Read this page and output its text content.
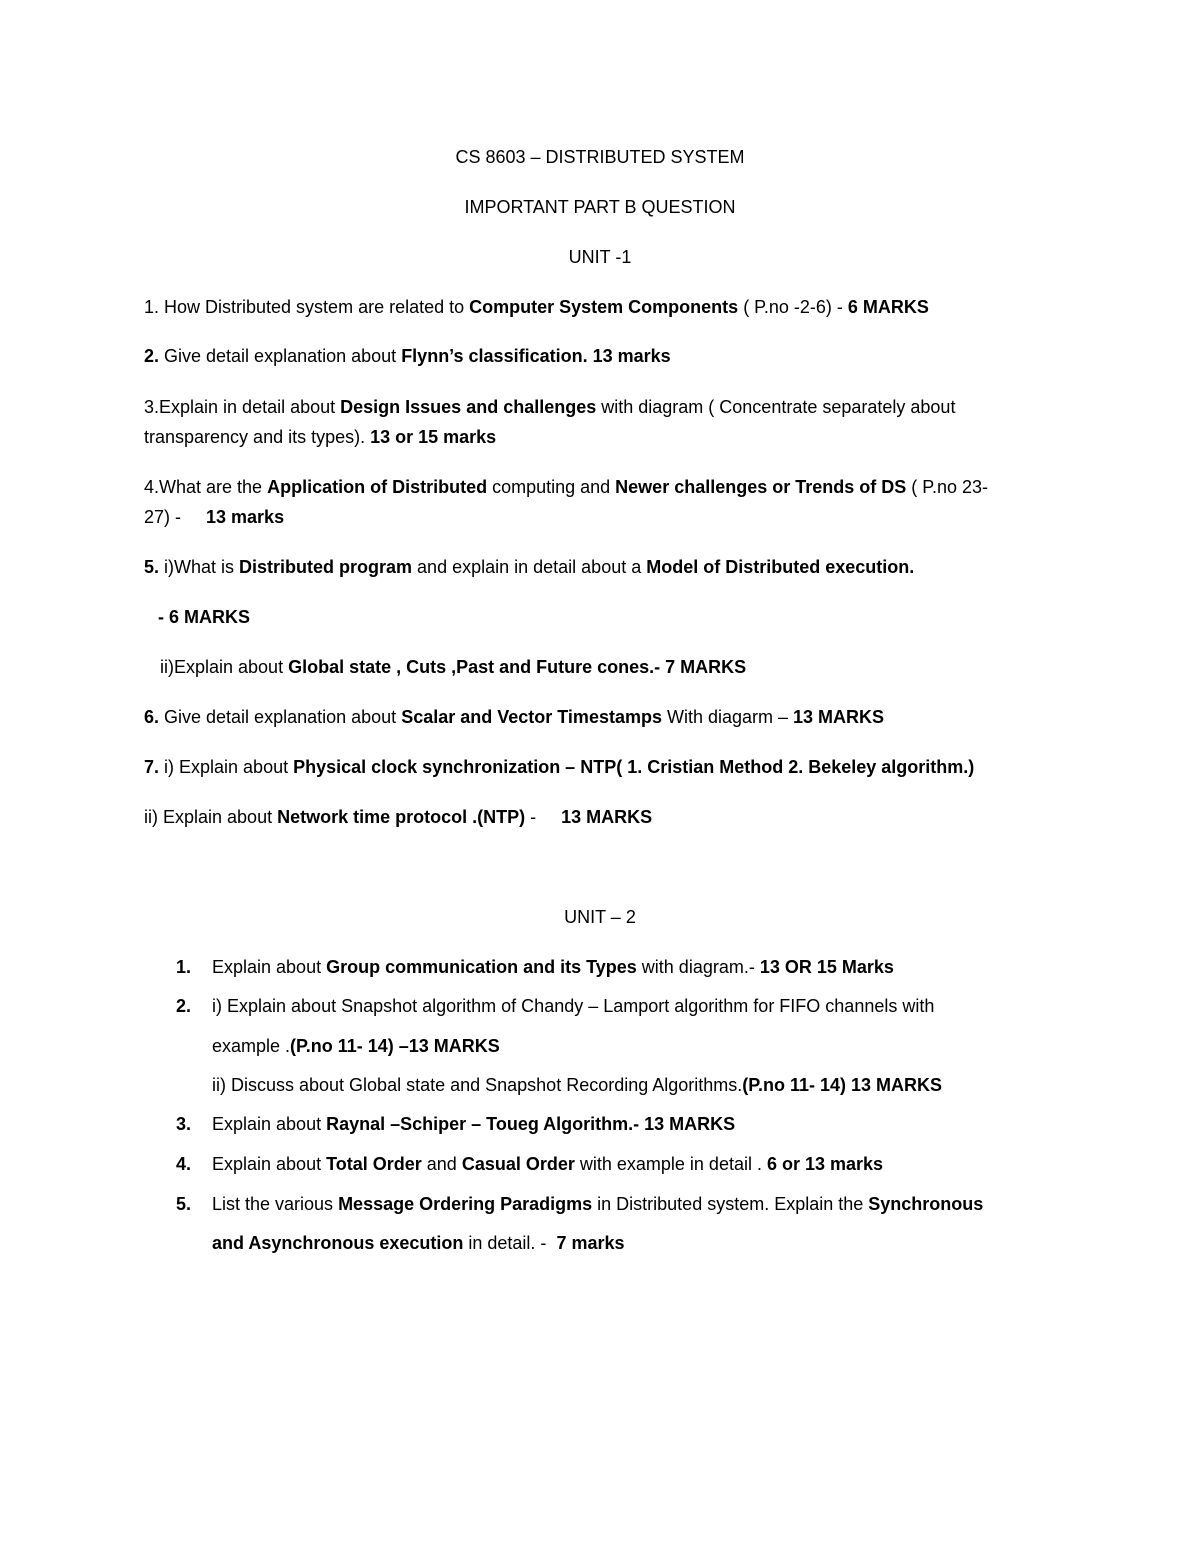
CS 8603 – DISTRIBUTED SYSTEM
IMPORTANT PART B QUESTION
UNIT -1
1. How Distributed system are related to Computer System Components ( P.no -2-6) - 6 MARKS
2. Give detail explanation about Flynn’s classification. 13 marks
3.Explain in detail about Design Issues and challenges with diagram ( Concentrate separately about
transparency and its types). 13 or 15 marks
4.What are the Application of Distributed computing and Newer challenges or Trends of DS ( P.no 23-
27) -     13 marks
5. i)What is Distributed program and explain in detail about a Model of Distributed execution.
- 6 MARKS
ii)Explain about Global state , Cuts ,Past and Future cones.- 7 MARKS
6. Give detail explanation about Scalar and Vector Timestamps With diagarm – 13 MARKS
7. i) Explain about Physical clock synchronization – NTP( 1. Cristian Method 2. Bekeley algorithm.)
ii) Explain about Network time protocol .(NTP) -     13 MARKS
UNIT – 2
1.
2.
3.
4.
5.
Explain about Group communication and its Types with diagram.- 13 OR 15 Marks
i) Explain about Snapshot algorithm of Chandy – Lamport algorithm for FIFO channels with
example .(P.no 11- 14) –13 MARKS
ii) Discuss about Global state and Snapshot Recording Algorithms.(P.no 11- 14) 13 MARKS
Explain about Raynal –Schiper – Toueg Algorithm.- 13 MARKS
Explain about Total Order and Casual Order with example in detail . 6 or 13 marks
List the various Message Ordering Paradigms in Distributed system. Explain the Synchronous
and Asynchronous execution in detail. -  7 marks
